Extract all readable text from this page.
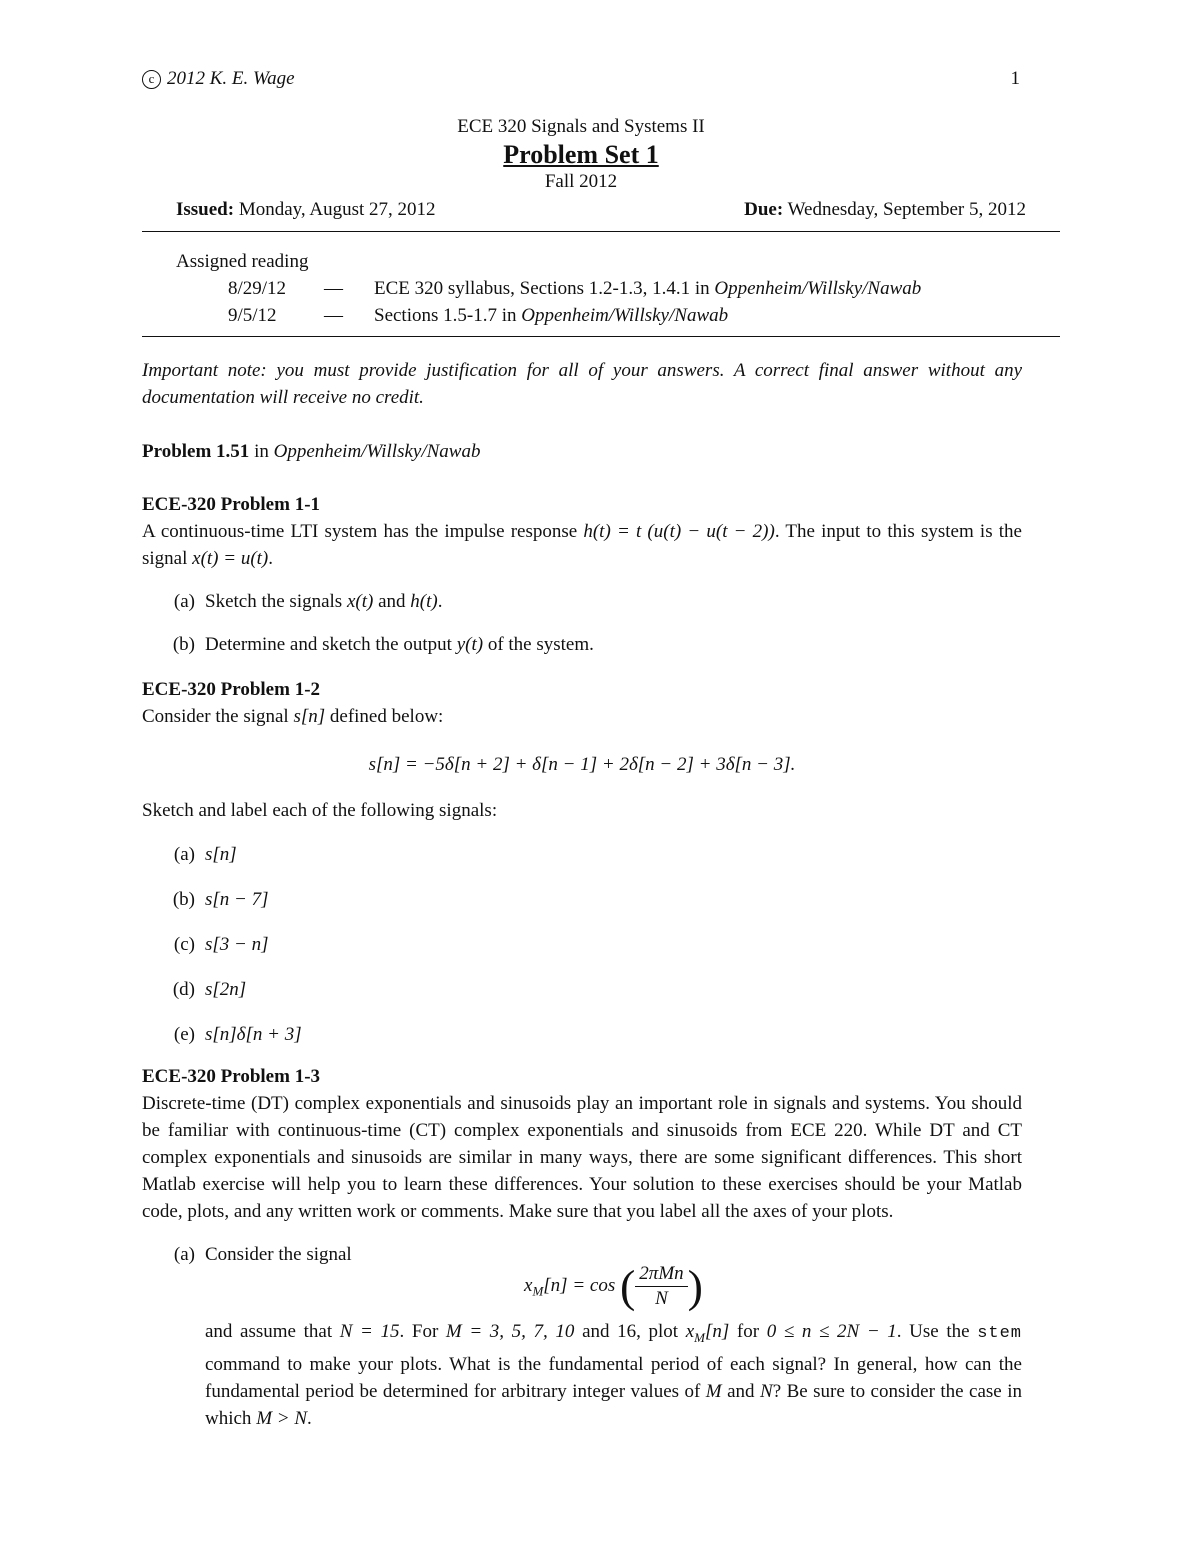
c 2012 K. E. Wage	1
ECE 320 Signals and Systems II
Problem Set 1
Fall 2012
Issued: Monday, August 27, 2012	Due: Wednesday, September 5, 2012
Assigned reading
8/29/12	—	ECE 320 syllabus, Sections 1.2-1.3, 1.4.1 in Oppenheim/Willsky/Nawab
9/5/12	—	Sections 1.5-1.7 in Oppenheim/Willsky/Nawab
Important note: you must provide justification for all of your answers. A correct final answer without any documentation will receive no credit.
Problem 1.51 in Oppenheim/Willsky/Nawab
ECE-320 Problem 1-1
A continuous-time LTI system has the impulse response h(t) = t (u(t) − u(t − 2)). The input to this system is the signal x(t) = u(t).
(a) Sketch the signals x(t) and h(t).
(b) Determine and sketch the output y(t) of the system.
ECE-320 Problem 1-2
Consider the signal s[n] defined below:
s[n] = −5δ[n + 2] + δ[n − 1] + 2δ[n − 2] + 3δ[n − 3].
Sketch and label each of the following signals:
(a) s[n]
(b) s[n − 7]
(c) s[3 − n]
(d) s[2n]
(e) s[n]δ[n + 3]
ECE-320 Problem 1-3
Discrete-time (DT) complex exponentials and sinusoids play an important role in signals and systems. You should be familiar with continuous-time (CT) complex exponentials and sinusoids from ECE 220. While DT and CT complex exponentials and sinusoids are similar in many ways, there are some significant differences. This short Matlab exercise will help you to learn these differences. Your solution to these exercises should be your Matlab code, plots, and any written work or comments. Make sure that you label all the axes of your plots.
(a) Consider the signal
$x_M[n] = \cos$ ( $\frac{\text{2πMn}}{N}$ )
and assume that N = 15. For M = 3, 5, 7, 10 and 16, plot $x_M[n]$ for 0 ≤ n ≤ 2N − 1. Use the stem command to make your plots. What is the fundamental period of each signal? In general, how can the fundamental period be determined for arbitrary integer values of M and N? Be sure to consider the case in which M > N.
